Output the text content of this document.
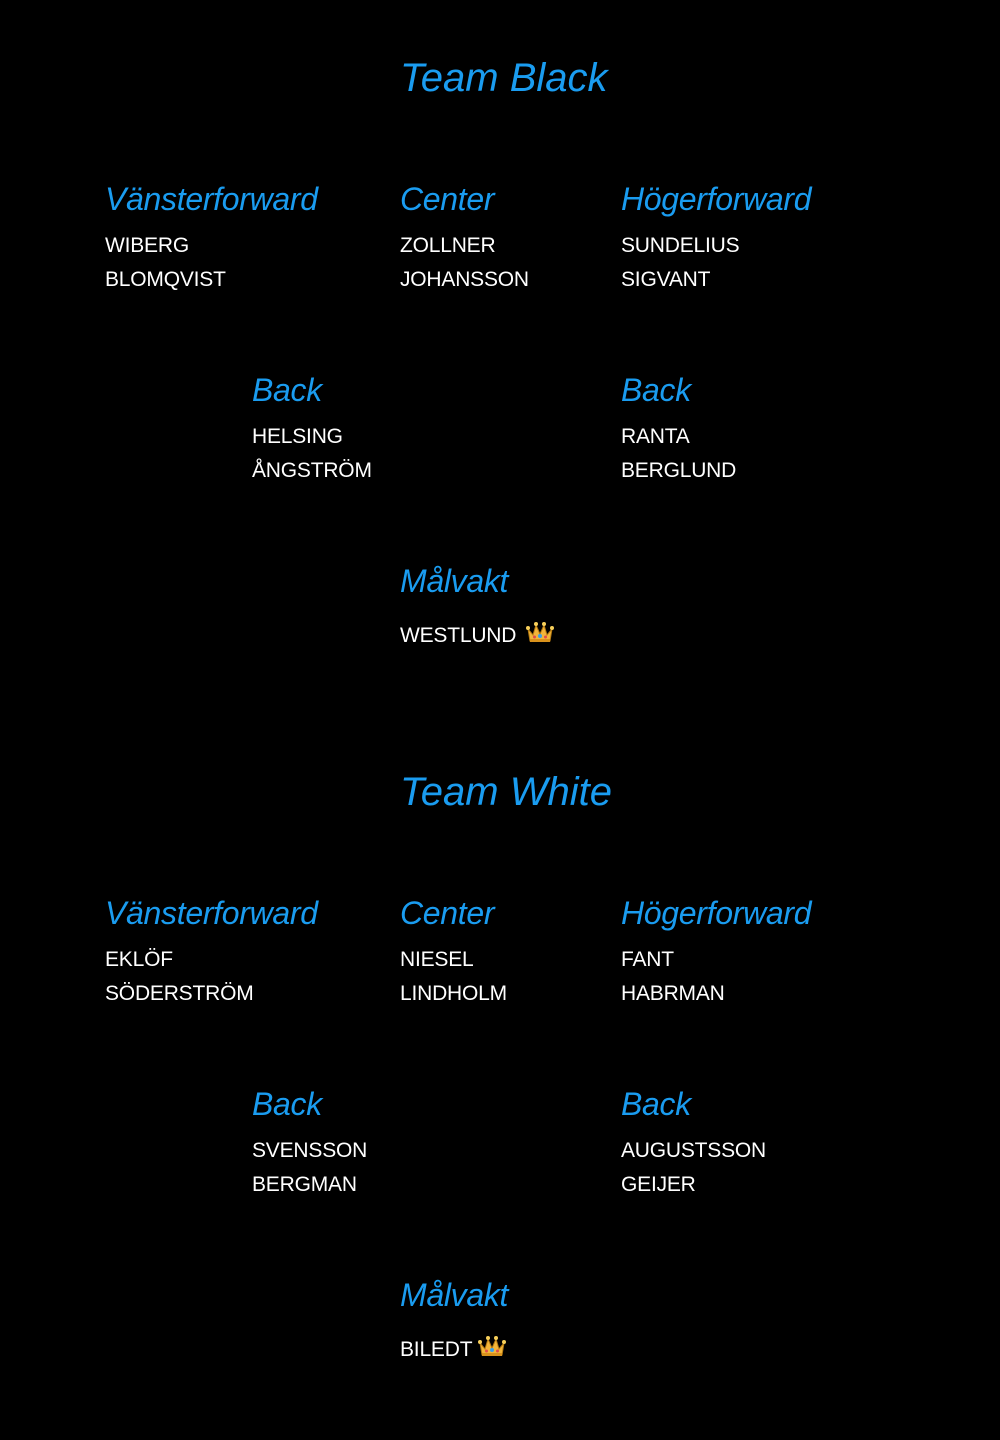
Team Black
Vänsterforward
WIBERG
BLOMQVIST
Center
ZOLLNER
JOHANSSON
Högerforward
SUNDELIUS
SIGVANT
Back
HELSING
ÅNGSTRÖM
Back
RANTA
BERGLUND
Målvakt
WESTLUND
Team White
Vänsterforward
EKLÖF
SÖDERSTRÖM
Center
NIESEL
LINDHOLM
Högerforward
FANT
HABRMAN
Back
SVENSSON
BERGMAN
Back
AUGUSTSSON
GEIJER
Målvakt
BILEDT
